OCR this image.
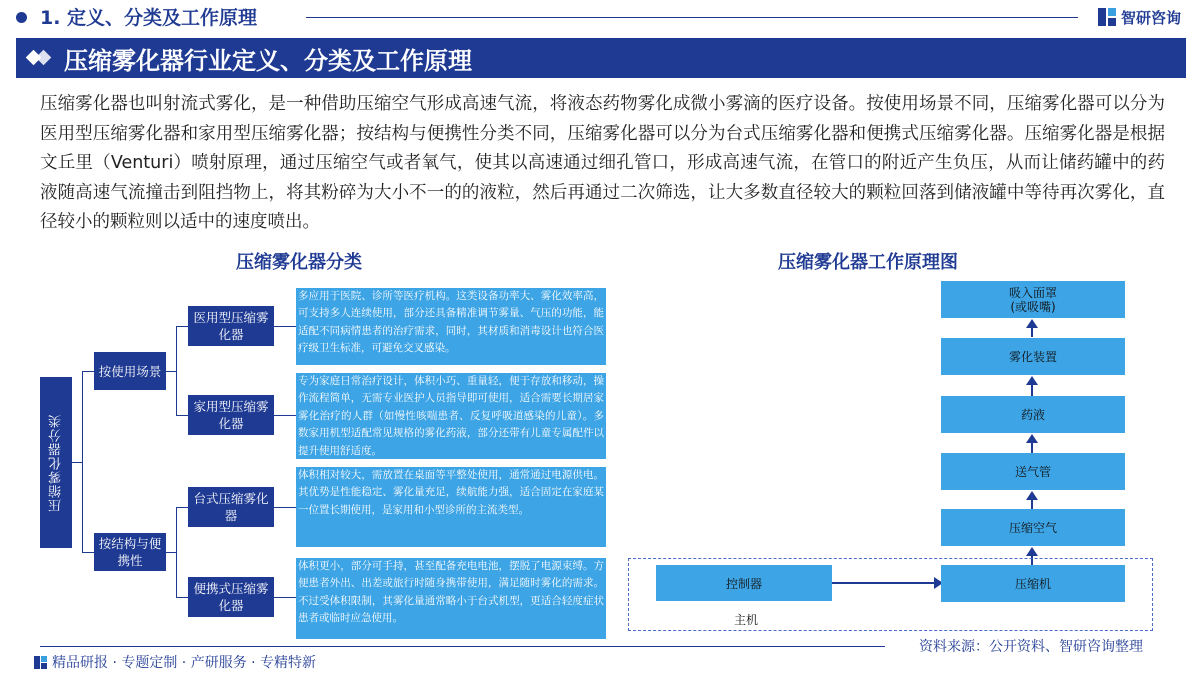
1. 定义、分类及工作原理	智研咨询
压缩雾化器行业定义、分类及工作原理
压缩雾化器也叫射流式雾化，是一种借助压缩空气形成高速气流，将液态药物雾化成微小雾滴的医疗设备。按使用场景不同，压缩雾化器可以分为医用型压缩雾化器和家用型压缩雾化器；按结构与便携性分类不同，压缩雾化器可以分为台式压缩雾化器和便携式压缩雾化器。压缩雾化器是根据文丘里（Venturi）喷射原理，通过压缩空气或者氧气，使其以高速通过细孔管口，形成高速气流，在管口的附近产生负压，从而让储药罐中的药液随高速气流撞击到阻挡物上，将其粉碎为大小不一的的液粒，然后再通过二次筛选，让大多数直径较大的颗粒回落到储液罐中等待再次雾化，直径较小的颗粒则以适中的速度喷出。
压缩雾化器分类	压缩雾化器工作原理图
压缩雾化器分类
按使用场景
按结构与便携性
医用型压缩雾化器
家用型压缩雾化器
台式压缩雾化器
便携式压缩雾化器
多应用于医院、诊所等医疗机构。这类设备功率大、雾化效率高，可支持多人连续使用，部分还具备精准调节雾量、气压的功能，能适配不同病情患者的治疗需求，同时，其材质和消毒设计也符合医疗级卫生标准，可避免交叉感染。
专为家庭日常治疗设计，体积小巧、重量轻，便于存放和移动，操作流程简单，无需专业医护人员指导即可使用，适合需要长期居家雾化治疗的人群（如慢性咳喘患者、反复呼吸道感染的儿童）。多数家用机型适配常见规格的雾化药液，部分还带有儿童专属配件以提升使用舒适度。
体积相对较大，需放置在桌面等平整处使用，通常通过电源供电。其优势是性能稳定、雾化量充足，续航能力强，适合固定在家庭某一位置长期使用，是家用和小型诊所的主流类型。
体积更小，部分可手持，甚至配备充电电池，摆脱了电源束缚。方便患者外出、出差或旅行时随身携带使用，满足随时雾化的需求。不过受体积限制，其雾化量通常略小于台式机型，更适合轻度症状患者或临时应急使用。
吸入面罩
(或吸嘴)
雾化装置
药液
送气管
压缩空气
控制器	压缩机
主机
资料来源：公开资料、智研咨询整理
精品研报 · 专题定制 · 产研服务 · 专精特新
